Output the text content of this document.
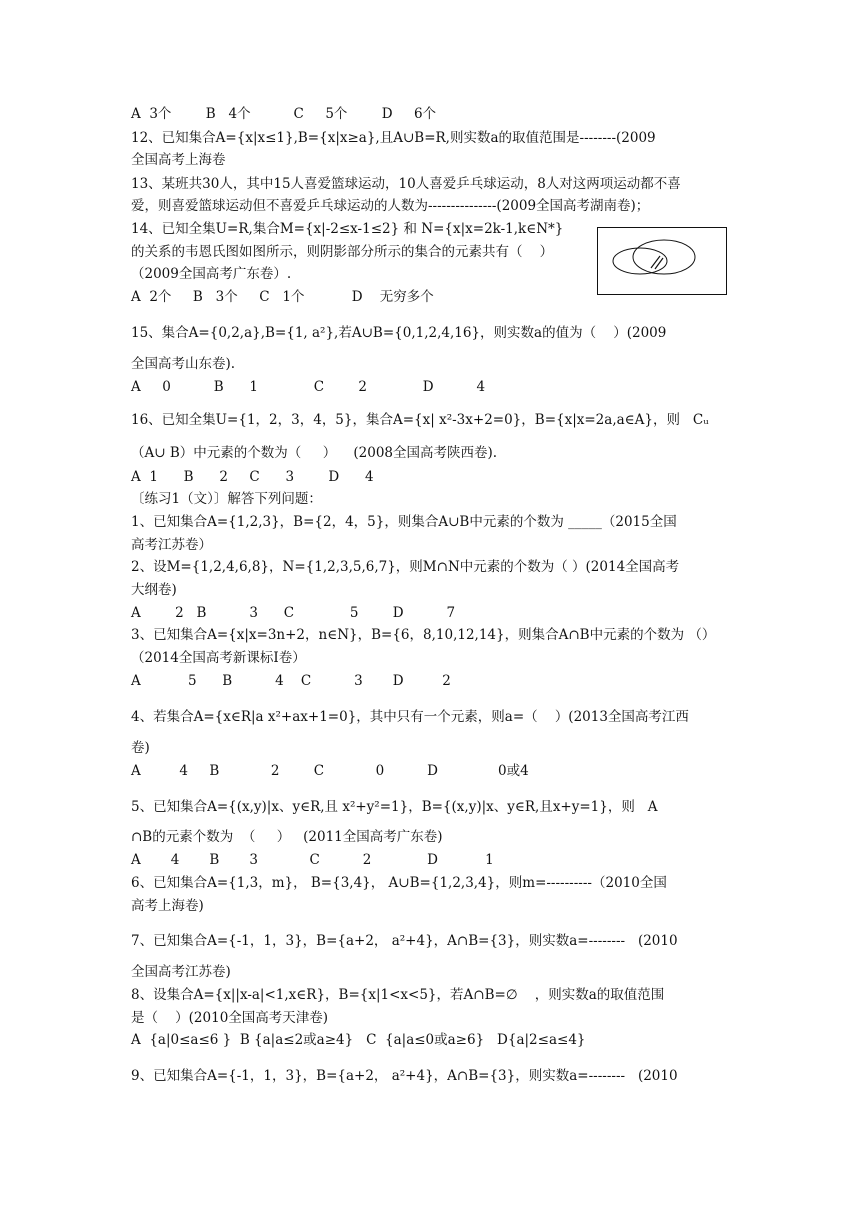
A  3个        B   4个          C     5个        D     6个
12、已知集合A={x|x≤1},B={x|x≥a},且A∪B=R,则实数a的取值范围是--------(2009
全国高考上海卷
13、某班共30人，其中15人喜爱篮球运动，10人喜爱乒乓球运动，8人对这两项运动都不喜
爱，则喜爱篮球运动但不喜爱乒乓球运动的人数为---------------(2009全国高考湖南卷)；
14、已知全集U=R,集合M={x|-2≤x-1≤2} 和 N={x|x=2k-1,k∈N*}
的关系的韦恩氏图如图所示，则阴影部分所示的集合的元素共有（    ）
（2009全国高考广东卷）.
A  2个     B   3个     C   1个           D    无穷多个
15、集合A={0,2,a},B={1, a²},若A∪B={0,1,2,4,16}，则实数a的值为（    ）(2009
全国高考山东卷).
A     0          B      1             C        2             D          4
16、已知全集U={1，2，3，4，5}，集合A={x| x²-3x+2=0}，B={x|x=2a,a∈A}，则   Cᵤ
（A∪ B）中元素的个数为（     ）    (2008全国高考陕西卷).
A  1      B      2     C      3        D      4
〔练习1（文）〕解答下列问题：
1、已知集合A={1,2,3}，B={2，4，5}，则集合A∪B中元素的个数为 _____（2015全国
高考江苏卷）
2、设M={1,2,4,6,8}，N={1,2,3,5,6,7}，则M∩N中元素的个数为（ ）(2014全国高考
大纲卷)
A        2   B          3      C             5        D          7
3、已知集合A={x|x=3n+2，n∈N}，B={6，8,10,12,14}，则集合A∩B中元素的个数为 （）
（2014全国高考新课标Ⅰ卷）
A           5      B          4    C          3       D         2
4、若集合A={x∈R|a x²+ax+1=0}，其中只有一个元素，则a=（    ）(2013全国高考江西
卷)
A         4     B            2        C            0          D              0或4
5、已知集合A={(x,y)|x、y∈R,且 x²+y²=1}，B={(x,y)|x、y∈R,且x+y=1}，则   A
∩B的元素个数为  （     ）   (2011全国高考广东卷)
A       4       B       3            C          2             D           1
6、已知集合A={1,3，m}， B={3,4}， A∪B={1,2,3,4}，则m=----------（2010全国
高考上海卷)
7、已知集合A={-1，1，3}，B={a+2， a²+4}，A∩B={3}，则实数a=--------   (2010
全国高考江苏卷)
8、设集合A={x||x-a|<1,x∈R}，B={x|1<x<5}，若A∩B=∅    ，则实数a的取值范围
是（    ）(2010全国高考天津卷)
A  {a|0≤a≤6 }  B {a|a≤2或a≥4}   C  {a|a≤0或a≥6}   D{a|2≤a≤4}
9、已知集合A={-1，1，3}，B={a+2， a²+4}，A∩B={3}，则实数a=--------   (2010
